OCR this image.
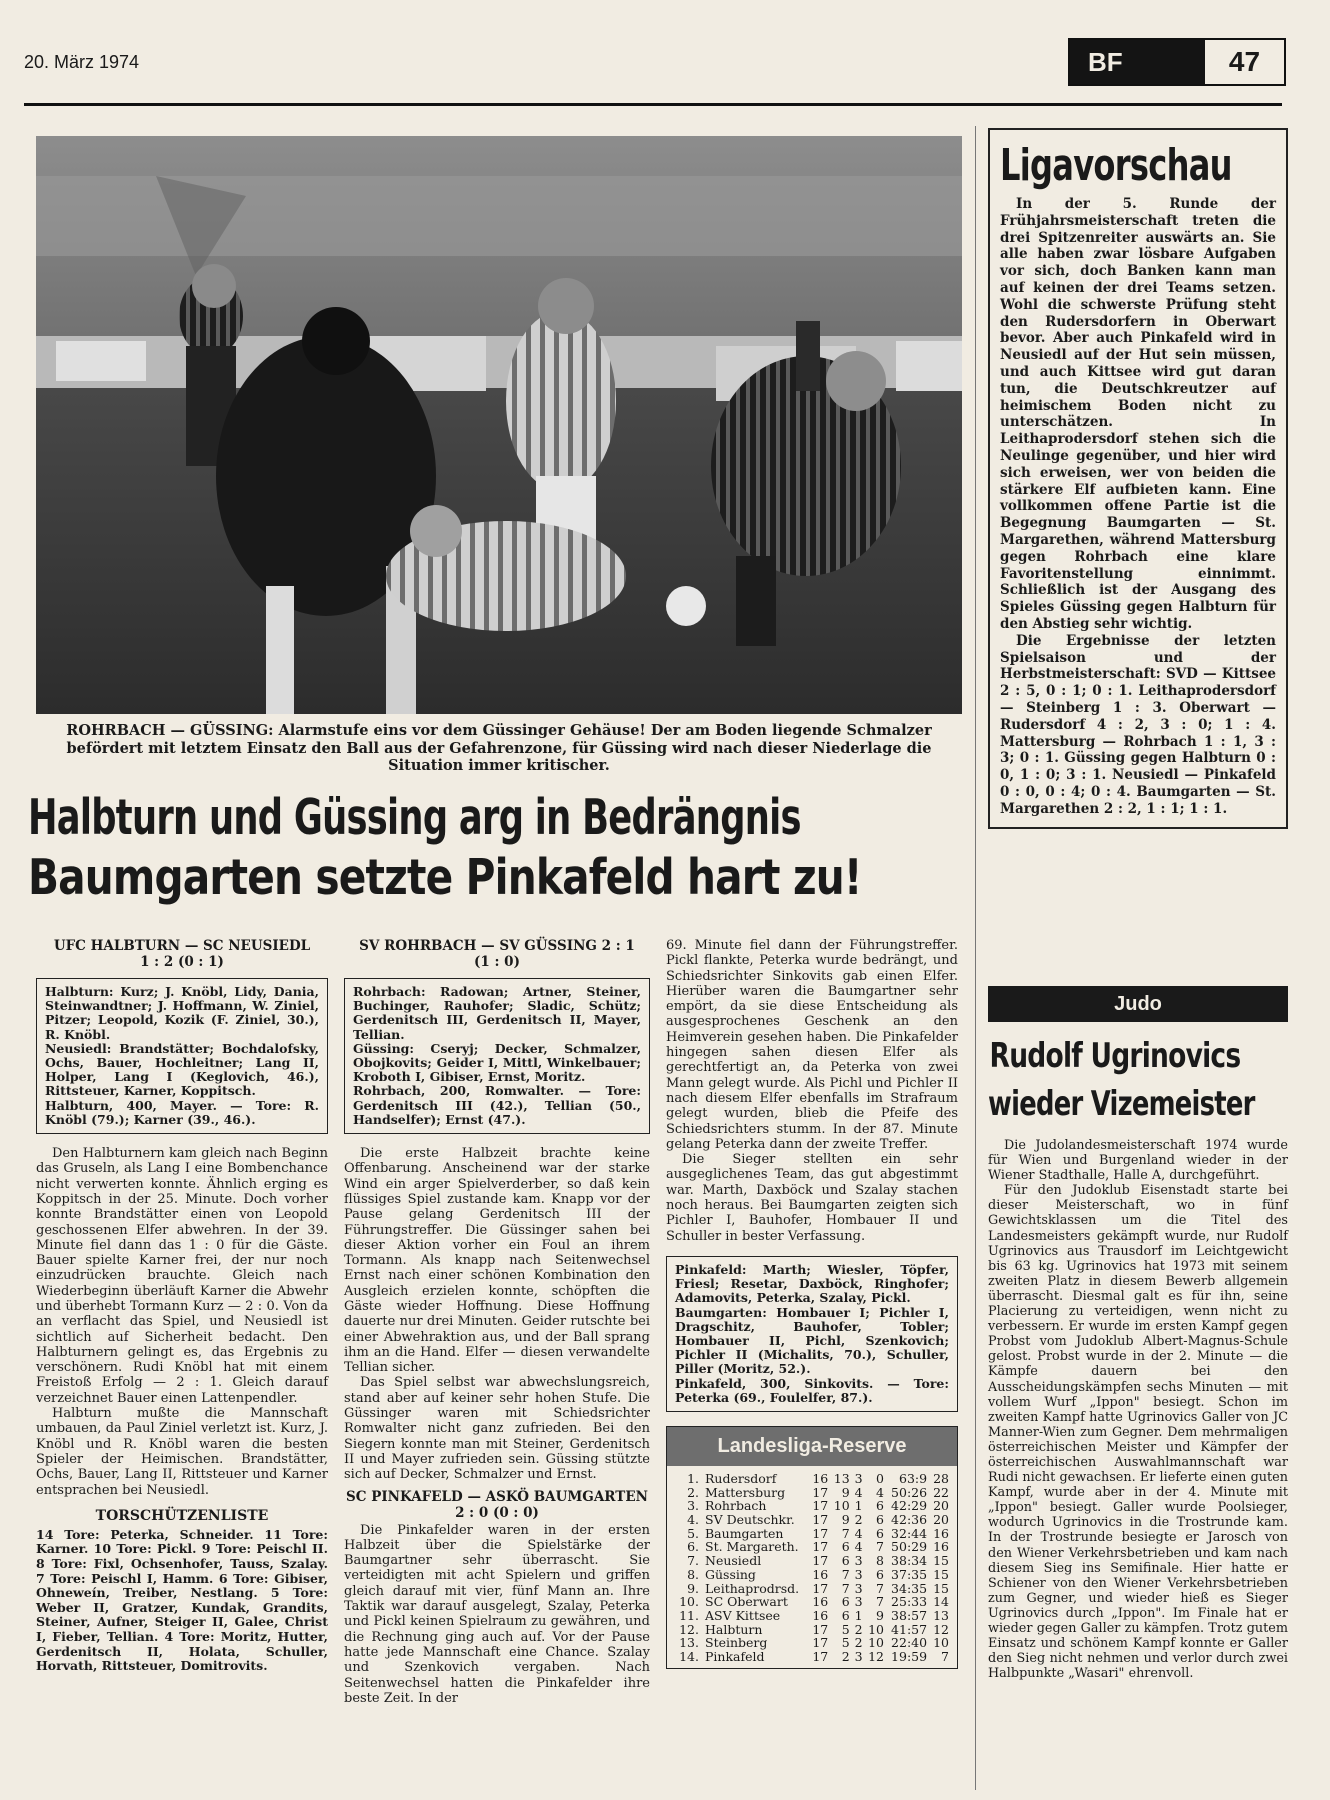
20. März 1974	BF	47
ROHRBACH — GÜSSING: Alarmstufe eins vor dem Güssinger Gehäuse! Der am Boden liegende Schmalzer befördert mit letztem Einsatz den Ball aus der Gefahrenzone, für Güssing wird nach dieser Niederlage die Situation immer kritischer.
Halbturn und Güssing arg in Bedrängnis
Baumgarten setzte Pinkafeld hart zu!
UFC HALBTURN — SC NEUSIEDL
1 : 2 (0 : 1)

Halbturn: Kurz; J. Knöbl, Lidy, Dania, Steinwandtner; J. Hoffmann, W. Ziniel, Pitzer; Leopold, Kozik (F. Ziniel, 30.), R. Knöbl.

Neusiedl: Brandstätter; Bochdalofsky, Ochs, Bauer, Hochleitner; Lang II, Holper, Lang I (Keglovich, 46.), Rittsteuer, Karner, Koppitsch.

Halbturn, 400, Mayer. — Tore: R. Knöbl (79.); Karner (39., 46.).

Den Halbturnern kam gleich nach Beginn das Gruseln, als Lang I eine Bombenchance nicht verwerten konnte. Ähnlich erging es Koppitsch in der 25. Minute. Doch vorher konnte Brandstätter einen von Leopold geschossenen Elfer abwehren. In der 39. Minute fiel dann das 1 : 0 für die Gäste. Bauer spielte Karner frei, der nur noch einzudrücken brauchte. Gleich nach Wiederbeginn überläuft Karner die Abwehr und überhebt Tormann Kurz — 2 : 0. Von da an verflacht das Spiel, und Neusiedl ist sichtlich auf Sicherheit bedacht. Den Halbturnern gelingt es, das Ergebnis zu verschönern. Rudi Knöbl hat mit einem Freistoß Erfolg — 2 : 1. Gleich darauf verzeichnet Bauer einen Lattenpendler.

Halbturn mußte die Mannschaft umbauen, da Paul Ziniel verletzt ist. Kurz, J. Knöbl und R. Knöbl waren die besten Spieler der Heimischen. Brandstätter, Ochs, Bauer, Lang II, Rittsteuer und Karner entsprachen bei Neusiedl.

TORSCHÜTZENLISTE
14 Tore: Peterka, Schneider. 11 Tore: Karner. 10 Tore: Pickl. 9 Tore: Peischl II. 8 Tore: Fixl, Ochsenhofer, Tauss, Szalay. 7 Tore: Peischl I, Hamm. 6 Tore: Gibiser, Ohneweín, Treiber, Nestlang. 5 Tore: Weber II, Gratzer, Kundak, Grandits, Steiner, Aufner, Steiger II, Galee, Christ I, Fieber, Tellian. 4 Tore: Moritz, Hutter, Gerdenitsch II, Holata, Schuller, Horvath, Rittsteuer, Domitrovits.
SV ROHRBACH — SV GÜSSING 2 : 1
(1 : 0)

Rohrbach: Radowan; Artner, Steiner, Buchinger, Rauhofer; Sladic, Schütz; Gerdenitsch III, Gerdenitsch II, Mayer, Tellian.

Güssing: Cseryj; Decker, Schmalzer, Obojkovits; Geider I, Mittl, Winkelbauer; Kroboth I, Gibiser, Ernst, Moritz.

Rohrbach, 200, Romwalter. — Tore: Gerdenitsch III (42.), Tellian (50., Handselfer); Ernst (47.).

Die erste Halbzeit brachte keine Offenbarung. Anscheinend war der starke Wind ein arger Spielverderber, so daß kein flüssiges Spiel zustande kam. Knapp vor der Pause gelang Gerdenitsch III der Führungstreffer. Die Güssinger sahen bei dieser Aktion vorher ein Foul an ihrem Tormann. Als knapp nach Seitenwechsel Ernst nach einer schönen Kombination den Ausgleich erzielen konnte, schöpften die Gäste wieder Hoffnung. Diese Hoffnung dauerte nur drei Minuten. Geider rutschte bei einer Abwehraktion aus, und der Ball sprang ihm an die Hand. Elfer — diesen verwandelte Tellian sicher.

Das Spiel selbst war abwechslungsreich, stand aber auf keiner sehr hohen Stufe. Die Güssinger waren mit Schiedsrichter Romwalter nicht ganz zufrieden. Bei den Siegern konnte man mit Steiner, Gerdenitsch II und Mayer zufrieden sein. Güssing stützte sich auf Decker, Schmalzer und Ernst.

SC PINKAFELD — ASKÖ BAUMGARTEN 2 : 0 (0 : 0)

Die Pinkafelder waren in der ersten Halbzeit über die Spielstärke der Baumgartner sehr überrascht. Sie verteidigten mit acht Spielern und griffen gleich darauf mit vier, fünf Mann an. Ihre Taktik war darauf ausgelegt, Szalay, Peterka und Pickl keinen Spielraum zu gewähren, und die Rechnung ging auch auf. Vor der Pause hatte jede Mannschaft eine Chance. Szalay und Szenkovich vergaben. Nach Seitenwechsel hatten die Pinkafelder ihre beste Zeit. In der

69. Minute fiel dann der Führungstreffer. Pickl flankte, Peterka wurde bedrängt, und Schiedsrichter Sinkovits gab einen Elfer. Hierüber waren die Baumgartner sehr empört, da sie diese Entscheidung als ausgesprochenes Geschenk an den Heimverein gesehen haben. Die Pinkafelder hingegen sahen diesen Elfer als gerechtfertigt an, da Peterka von zwei Mann gelegt wurde. Als Pichl und Pichler II nach diesem Elfer ebenfalls im Strafraum gelegt wurden, blieb die Pfeife des Schiedsrichters stumm. In der 87. Minute gelang Peterka dann der zweite Treffer.

Die Sieger stellten ein sehr ausgeglichenes Team, das gut abgestimmt war. Marth, Daxböck und Szalay stachen noch heraus. Bei Baumgarten zeigten sich Pichler I, Bauhofer, Hombauer II und Schuller in bester Verfassung.

Pinkafeld: Marth; Wiesler, Töpfer, Friesl; Resetar, Daxböck, Ringhofer; Adamovits, Peterka, Szalay, Pickl.

Baumgarten: Hombauer I; Pichler I, Dragschitz, Bauhofer, Tobler; Hombauer II, Pichl, Szenkovich; Pichler II (Michalits, 70.), Schuller, Piller (Moritz, 52.).

Pinkafeld, 300, Sinkovits. — Tore: Peterka (69., Foulelfer, 87.).

Landesliga-Reserve
1.	Rudersdorf	16	13	3	0	63:9	28
2.	Mattersburg	17	9	4	4	50:26	22
3.	Rohrbach	17	10	1	6	42:29	20
4.	SV Deutschkr.	17	9	2	6	42:36	20
5.	Baumgarten	17	7	4	6	32:44	16
6.	St. Margareth.	17	6	4	7	50:29	16
7.	Neusiedl	17	6	3	8	38:34	15
8.	Güssing	16	7	3	6	37:35	15
9.	Leithaprodrsd.	17	7	3	7	34:35	15
10.	SC Oberwart	16	6	3	7	25:33	14
11.	ASV Kittsee	16	6	1	9	38:57	13
12.	Halbturn	17	5	2	10	41:57	12
13.	Steinberg	17	5	2	10	22:40	10
14.	Pinkafeld	17	2	3	12	19:59	7
Ligavorschau

In der 5. Runde der Frühjahrsmeisterschaft treten die drei Spitzenreiter auswärts an. Sie alle haben zwar lösbare Aufgaben vor sich, doch Banken kann man auf keinen der drei Teams setzen. Wohl die schwerste Prüfung steht den Rudersdorfern in Oberwart bevor. Aber auch Pinkafeld wird in Neusiedl auf der Hut sein müssen, und auch Kittsee wird gut daran tun, die Deutschkreutzer auf heimischem Boden nicht zu unterschätzen. In Leithaprodersdorf stehen sich die Neulinge gegenüber, und hier wird sich erweisen, wer von beiden die stärkere Elf aufbieten kann. Eine vollkommen offene Partie ist die Begegnung Baumgarten — St. Margarethen, während Mattersburg gegen Rohrbach eine klare Favoritenstellung einnimmt. Schließlich ist der Ausgang des Spieles Güssing gegen Halbturn für den Abstieg sehr wichtig.

Die Ergebnisse der letzten Spielsaison und der Herbstmeisterschaft: SVD — Kittsee 2 : 5, 0 : 1; 0 : 1. Leithaprodersdorf — Steinberg 1 : 3. Oberwart — Rudersdorf 4 : 2, 3 : 0; 1 : 4. Mattersburg — Rohrbach 1 : 1, 3 : 3; 0 : 1. Güssing gegen Halbturn 0 : 0, 1 : 0; 3 : 1. Neusiedl — Pinkafeld 0 : 0, 0 : 4; 0 : 4. Baumgarten — St. Margarethen 2 : 2, 1 : 1; 1 : 1.

Judo
Rudolf Ugrinovics
wieder Vizemeister

Die Judolandesmeisterschaft 1974 wurde für Wien und Burgenland wieder in der Wiener Stadthalle, Halle A, durchgeführt.

Für den Judoklub Eisenstadt starte bei dieser Meisterschaft, wo in fünf Gewichtsklassen um die Titel des Landesmeisters gekämpft wurde, nur Rudolf Ugrinovics aus Trausdorf im Leichtgewicht bis 63 kg. Ugrinovics hat 1973 mit seinem zweiten Platz in diesem Bewerb allgemein überrascht. Diesmal galt es für ihn, seine Placierung zu verteidigen, wenn nicht zu verbessern. Er wurde im ersten Kampf gegen Probst vom Judoklub Albert-Magnus-Schule gelost. Probst wurde in der 2. Minute — die Kämpfe dauern bei den Ausscheidungskämpfen sechs Minuten — mit vollem Wurf „Ippon" besiegt. Schon im zweiten Kampf hatte Ugrinovics Galler von JC Manner-Wien zum Gegner. Dem mehrmaligen österreichischen Meister und Kämpfer der österreichischen Auswahlmannschaft war Rudi nicht gewachsen. Er lieferte einen guten Kampf, wurde aber in der 4. Minute mit „Ippon" besiegt. Galler wurde Poolsieger, wodurch Ugrinovics in die Trostrunde kam. In der Trostrunde besiegte er Jarosch von den Wiener Verkehrsbetrieben und kam nach diesem Sieg ins Semifinale. Hier hatte er Schiener von den Wiener Verkehrsbetrieben zum Gegner, und wieder hieß es Sieger Ugrinovics durch „Ippon". Im Finale hat er wieder gegen Galler zu kämpfen. Trotz gutem Einsatz und schönem Kampf konnte er Galler den Sieg nicht nehmen und verlor durch zwei Halbpunkte „Wasari" ehrenvoll.
